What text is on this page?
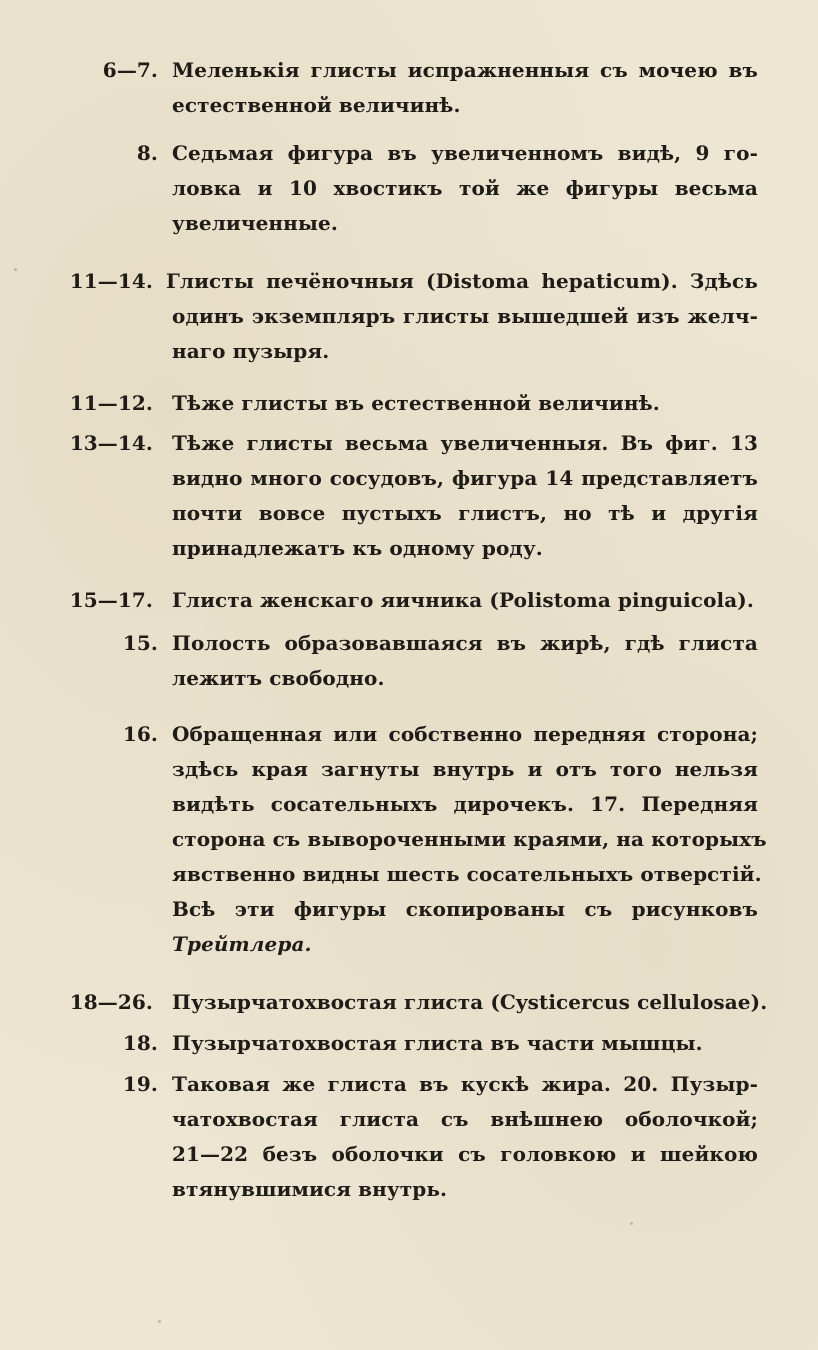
6—7. Меленькія глисты испражненныя съ мочею въ
естественной величинѣ.
8. Седьмая фигура въ увеличенномъ видѣ, 9 го-
ловка и 10 хвостикъ той же фигуры весьма
увеличенные.
11—14. Глисты печёночныя (Distoma hepaticum). Здѣсь
одинъ экземпляръ глисты вышедшей изъ желч-
наго пузыря.
11—12. Тѣже глисты въ естественной величинѣ.
13—14. Тѣже глисты весьма увеличенныя. Въ фиг. 13
видно много сосудовъ, фигура 14 представляетъ
почти вовсе пустыхъ глистъ, но тѣ и другія
принадлежатъ къ одному роду.
15—17. Глиста женскаго яичника (Polistoma pinguicola).
15. Полость образовавшаяся въ жирѣ, гдѣ глиста
лежитъ свободно.
16. Обращенная или собственно передняя сторона;
здѣсь края загнуты внутрь и отъ того нельзя
видѣть сосательныхъ дирочекъ. 17. Передняя
сторона съ вывороченными краями, на которыхъ
явственно видны шесть сосательныхъ отверстій.
Всѣ эти фигуры скопированы съ рисунковъ
Трейтлера.
18—26. Пузырчатохвостая глиста (Cysticercus cellulosae).
18. Пузырчатохвостая глиста въ части мышцы.
19. Таковая же глиста въ кускѣ жира. 20. Пузыр-
чатохвостая глиста съ внѣшнею оболочкой;
21—22 безъ оболочки съ головкою и шейкою
втянувшимися внутрь.
